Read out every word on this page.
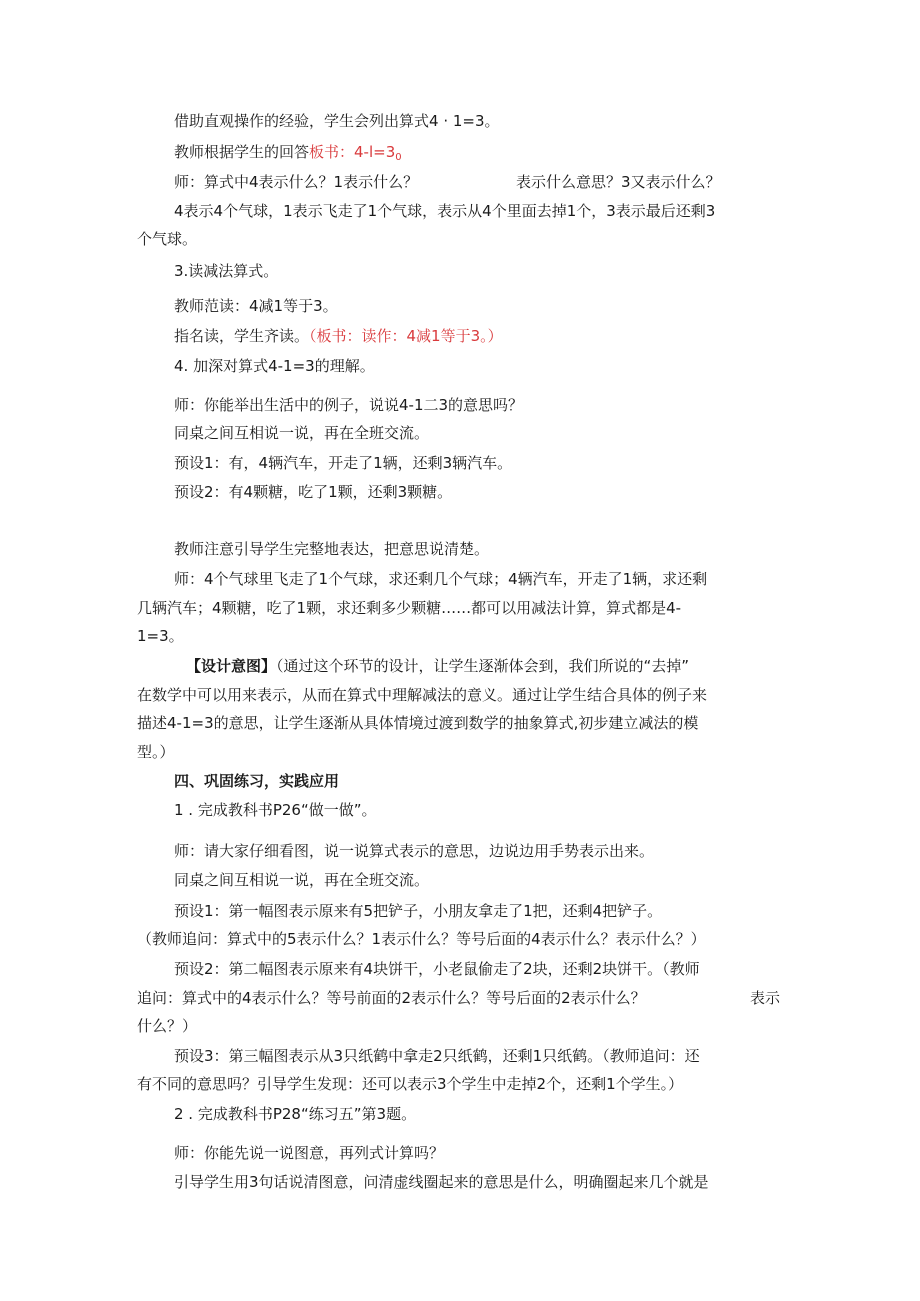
借助直观操作的经验，学生会列出算式4 · 1=3。
教师根据学生的回答板书：$4-l=3_0$
师：算式中4表示什么？1表示什么？	表示什么意思？3又表示什么？
4表示4个气球，1表示飞走了1个气球，表示从4个里面去掉1个，3表示最后还剩3
个气球。
3.读减法算式。
教师范读：4减1等于3。
指名读，学生齐读。（板书：读作：4减1等于3。）
4. 加深对算式4-1=3的理解。
师：你能举出生活中的例子，说说4-1二3的意思吗？
同桌之间互相说一说，再在全班交流。
预设1：有，4辆汽车，开走了1辆，还剩3辆汽车。
预设2：有4颗糖，吃了1颗，还剩3颗糖。
教师注意引导学生完整地表达，把意思说清楚。
师：4个气球里飞走了1个气球，求还剩几个气球；4辆汽车，开走了1辆，求还剩
几辆汽车；4颗糖，吃了1颗，求还剩多少颗糖……都可以用减法计算，算式都是4-
1=3。
【设计意图】（通过这个环节的设计，让学生逐渐体会到，我们所说的“去掉”
在数学中可以用来表示，从而在算式中理解减法的意义。通过让学生结合具体的例子来
描述4-1=3的意思，让学生逐渐从具体情境过渡到数学的抽象算式,初步建立减法的模
型。）
四、巩固练习，实践应用
1 . 完成教科书P26“做一做”。
师：请大家仔细看图，说一说算式表示的意思，边说边用手势表示出来。
同桌之间互相说一说，再在全班交流。
预设1：第一幅图表示原来有5把铲子，小朋友拿走了1把，还剩4把铲子。
（教师追问：算式中的5表示什么？1表示什么？等号后面的4表示什么？表示什么？）
预设2：第二幅图表示原来有4块饼干，小老鼠偷走了2块，还剩2块饼干。（教师
追问：算式中的4表示什么？等号前面的2表示什么？等号后面的2表示什么？	表示
什么？）
预设3：第三幅图表示从3只纸鹤中拿走2只纸鹤，还剩1只纸鹤。（教师追问：还
有不同的意思吗？引导学生发现：还可以表示3个学生中走掉2个，还剩1个学生。）
2 . 完成教科书P28“练习五”第3题。
师：你能先说一说图意，再列式计算吗？
引导学生用3句话说清图意，问清虚线圈起来的意思是什么，明确圈起来几个就是
